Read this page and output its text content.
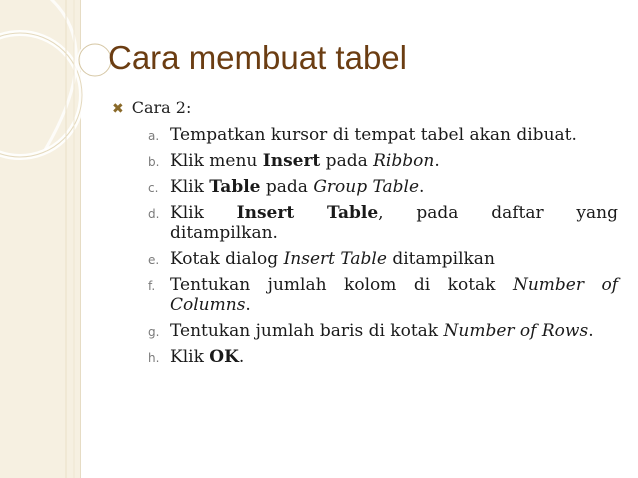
Cara membuat tabel
✖ Cara 2:
a. Tempatkan kursor di tempat tabel akan dibuat.
b. Klik menu Insert pada Ribbon.
c. Klik Table pada Group Table.
d. Klik Insert Table, pada daftar yang
ditampilkan.
e. Kotak dialog Insert Table ditampilkan
f. Tentukan jumlah kolom di kotak Number of Columns.
g. Tentukan jumlah baris di kotak Number of Rows.
h. Klik OK.
